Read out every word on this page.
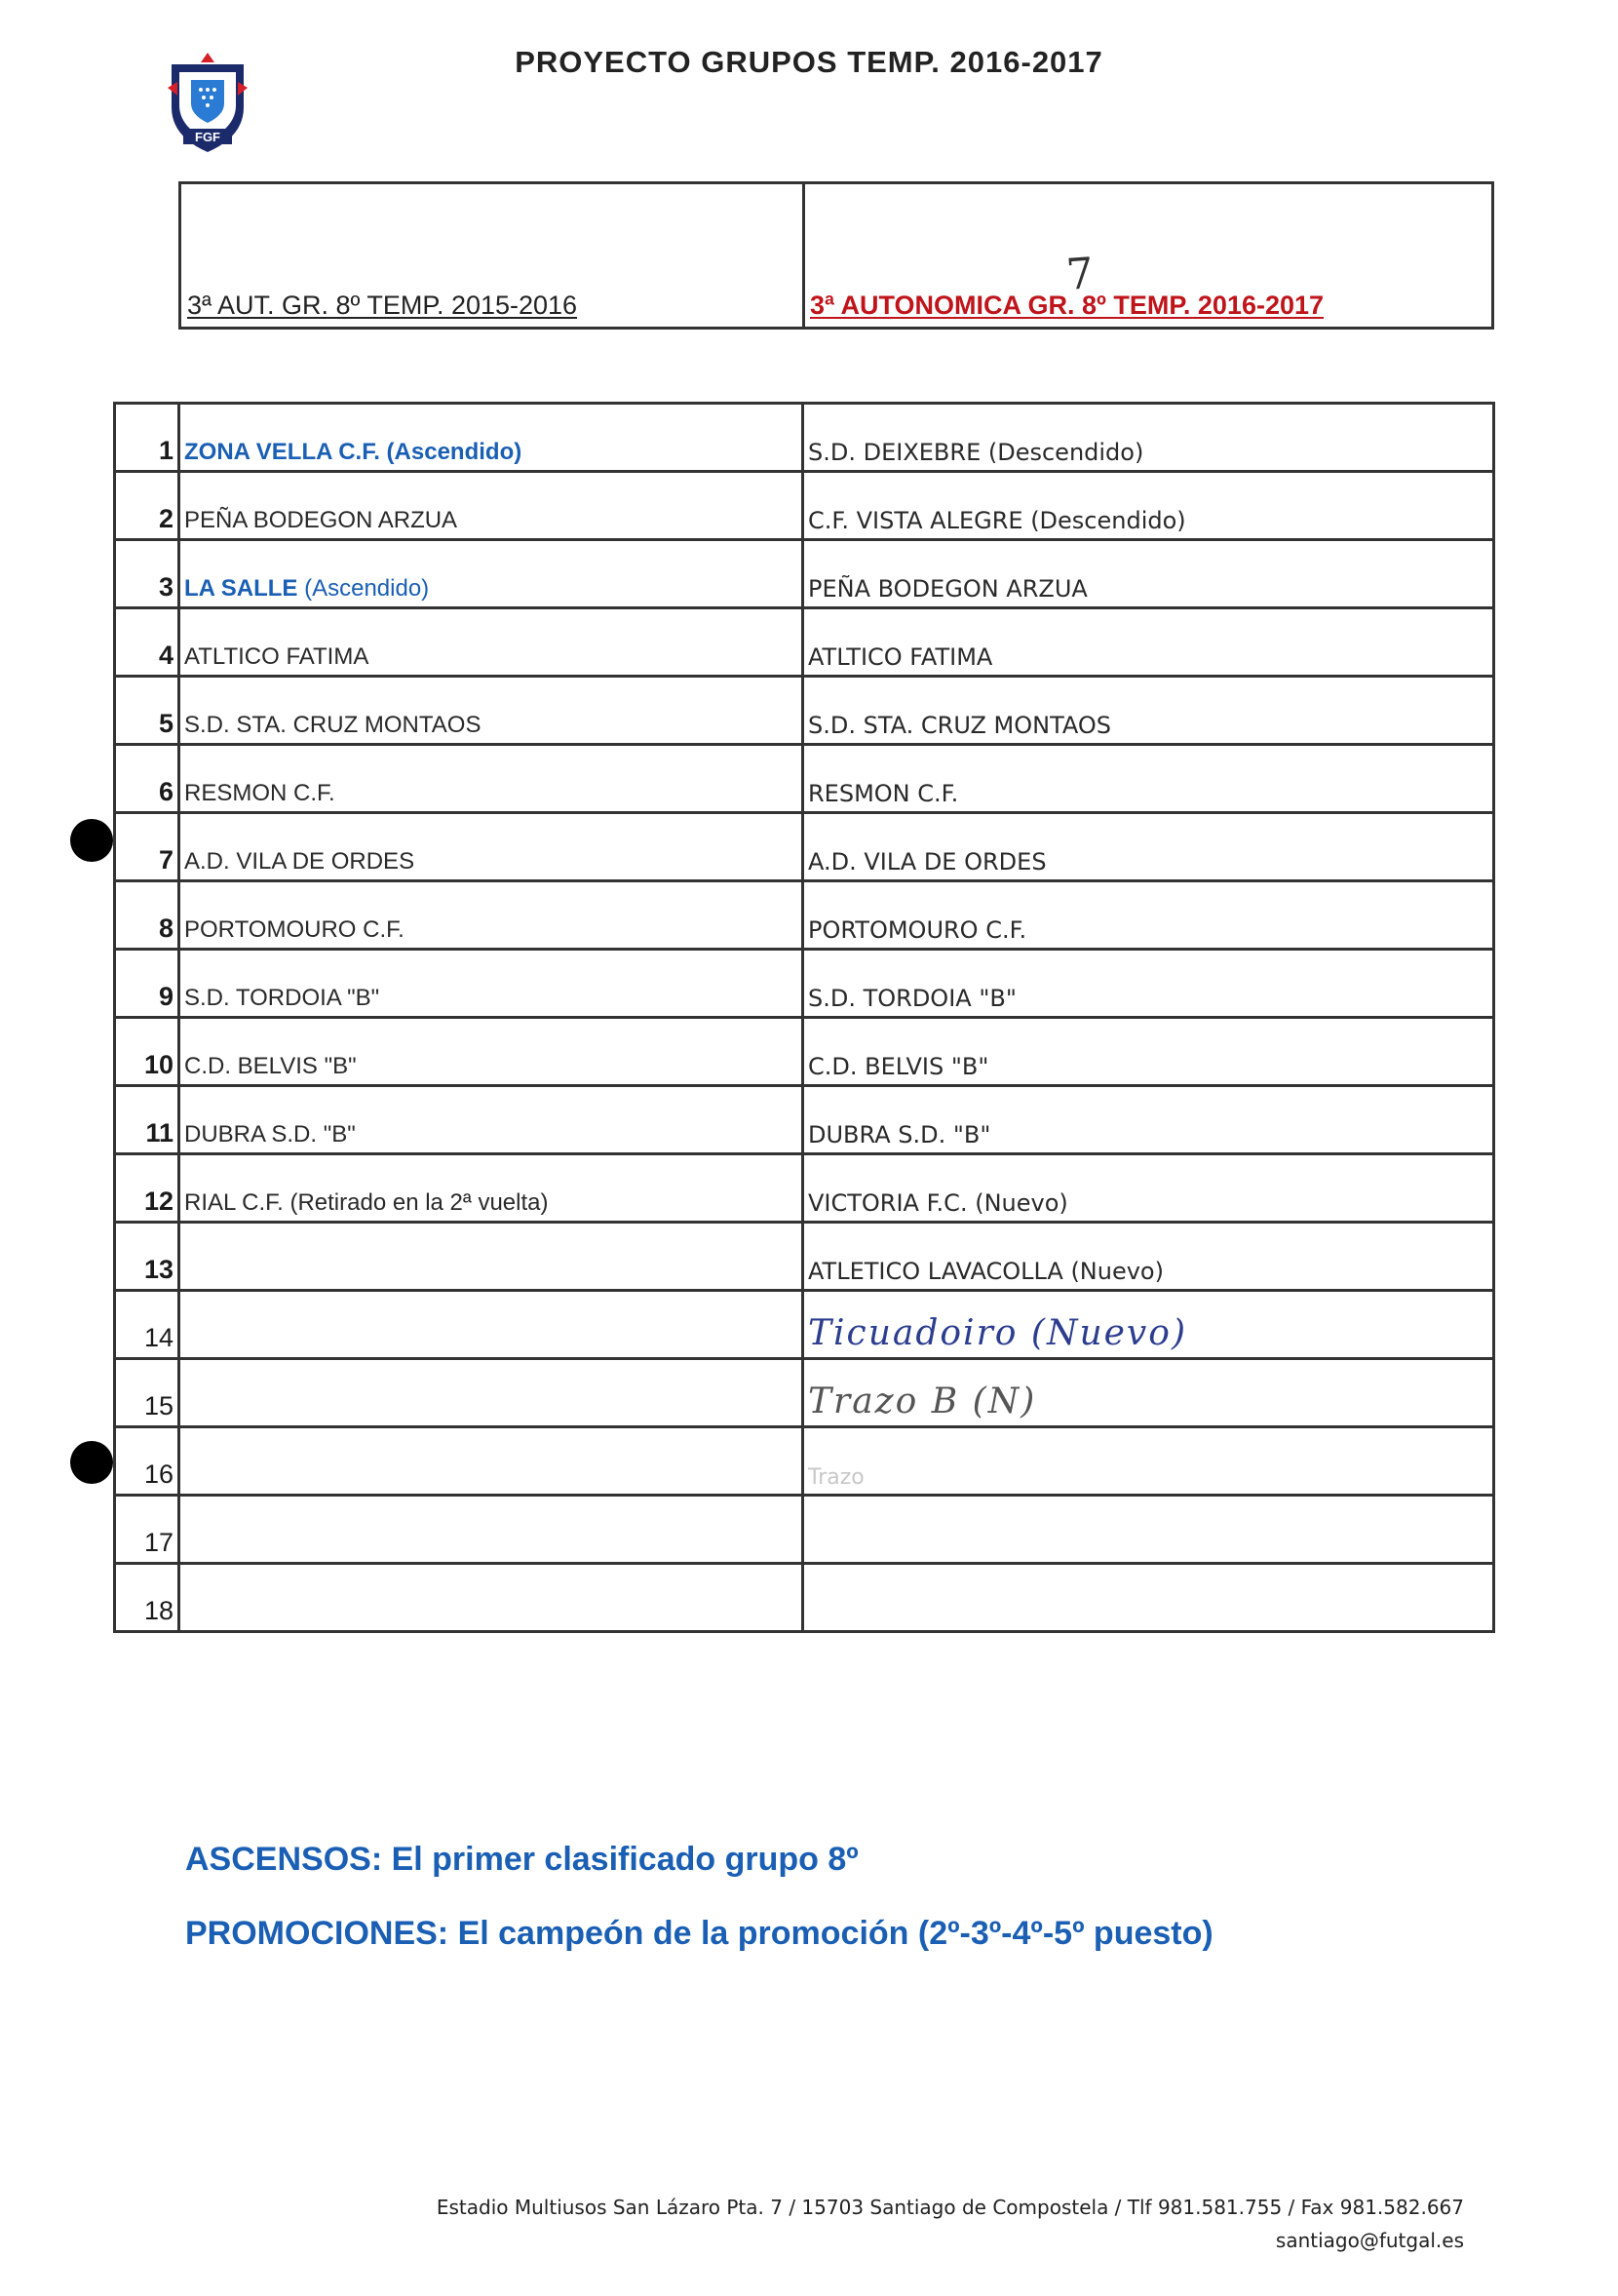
FGF
PROYECTO GRUPOS TEMP. 2016-2017
3ª AUT. GR. 8º TEMP. 2015-2016	3ª AUTONOMICA GR. 8º TEMP. 2016-2017
7
1	ZONA VELLA C.F. (Ascendido)	S.D. DEIXEBRE (Descendido)
2	PEÑA BODEGON ARZUA	C.F. VISTA ALEGRE (Descendido)
3	LA SALLE (Ascendido)	PEÑA BODEGON ARZUA
4	ATLTICO FATIMA	ATLTICO FATIMA
5	S.D. STA. CRUZ MONTAOS	S.D. STA. CRUZ MONTAOS
6	RESMON C.F.	RESMON C.F.
7	A.D. VILA DE ORDES	A.D. VILA DE ORDES
8	PORTOMOURO C.F.	PORTOMOURO C.F.
9	S.D. TORDOIA "B"	S.D. TORDOIA "B"
10	C.D. BELVIS "B"	C.D. BELVIS "B"
11	DUBRA S.D. "B"	DUBRA S.D. "B"
12	RIAL C.F. (Retirado en la 2ª vuelta)	VICTORIA F.C. (Nuevo)
13		ATLETICO LAVACOLLA (Nuevo)
14		Ticuadoiro (Nuevo)
15		Trazo B (N)
16		Trazo
17		
18		
ASCENSOS: El primer clasificado grupo 8º
PROMOCIONES: El campeón de la promoción (2º-3º-4º-5º puesto)
Estadio Multiusos San Lázaro Pta. 7 / 15703 Santiago de Compostela / Tlf 981.581.755 / Fax 981.582.667
santiago@futgal.es
